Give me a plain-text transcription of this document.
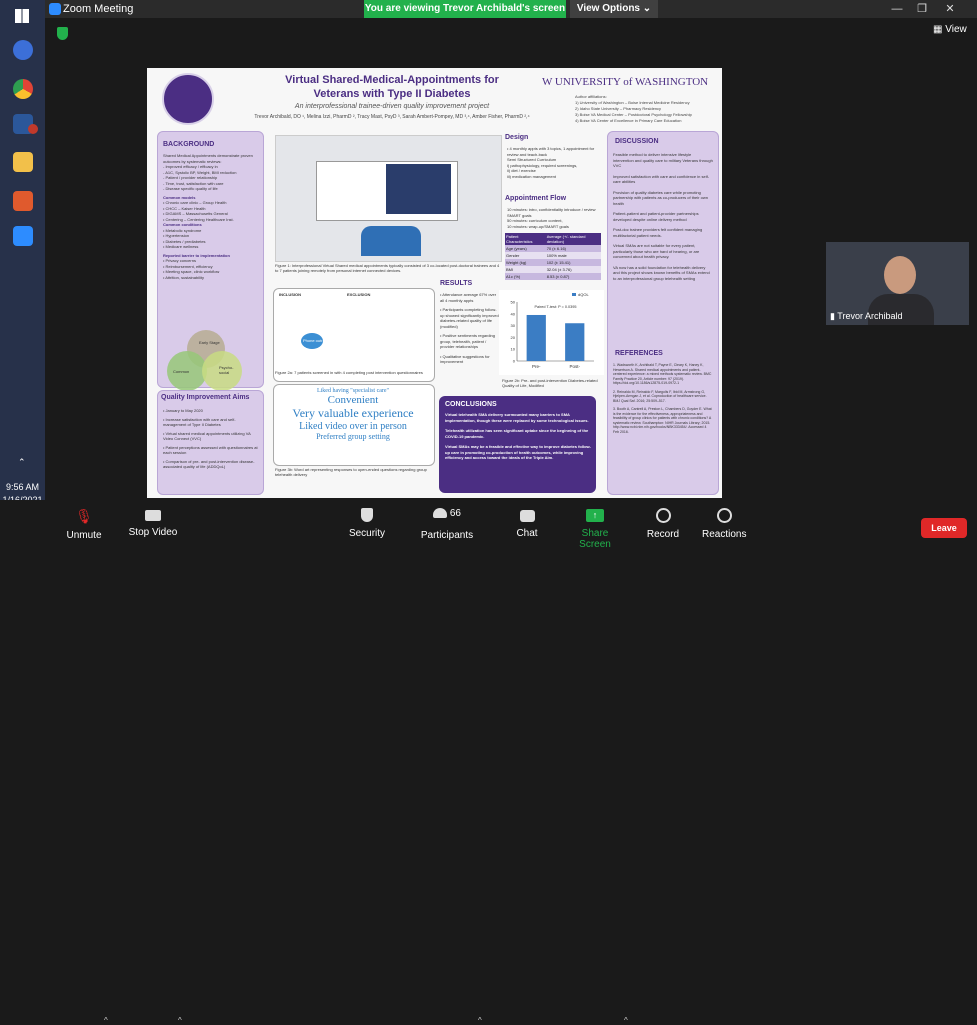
⌃
9:56 AM
Zoom Meeting	— ❐ ✕
You are viewing Trevor Archibald's screen	View Options ⌄
▦ View
Virtual Shared-Medical-Appointments for
Veterans with Type II Diabetes
An interprofessional trainee-driven quality improvement project
Trevor Archibald, DO ¹, Melina Izzi, PharmD ², Tracy Mast, PsyD ³, Sarah Ambert-Pompey, MD ³,⁴, Amber Fisher, PharmD ²,⁴
W UNIVERSITY of WASHINGTON
Author affiliations:
1) University of Washington – Boise Internal Medicine Residency
2) Idaho State University – Pharmacy Residency
3) Boise VA Medical Center – Postdoctoral Psychology Fellowship
4) Boise VA Center of Excellence in Primary Care Education
BACKGROUND
Shared Medical Appointments demonstrate proven outcomes by systematic reviews:
- Improved efficacy / efficacy in
- A1C, Systolic BP, Weight, BMI reduction
- Patient / provider relationship
- Time, trust, satisfaction with care
- Disease specific quality of life
Common models
• Chronic care clinic – Group Health
• CHCC – Kaiser Health
• DIGAMS – Massachusetts General
• Centering – Centering Healthcare Inst.
Common conditions
• Metabolic syndrome
• Hypertension
• Diabetes / prediabetes
• Medicare wellness
Reported barrier to implementation
• Privacy concerns
• Reimbursement, efficiency
• Meeting space, clinic workflow
• Attrition, sustainability
Early Stage
Common
Psycho-social
Quality Improvement Aims
• January to May 2020
• Increase satisfaction with care and self-management of Type II Diabetes
• Virtual shared medical appointments utilizing VA Video Connect (VVC)
• Patient perceptions assessed with questionnaires at each session
• Comparison of pre- and post-intervention disease-associated quality of life (ADDQoL)
Figure 1: Interprofessional Virtual Shared medical appointments typically consisted of 3 co-located post-doctoral trainees and 4 to 7 patients joining remotely from personal internet connected devices.
INCLUSION	EXCLUSION
Phone outr.
Figure 2a: 7 patients screened in with 4 completing post intervention questionnaires
Liked having "specialist care"
Convenient
Very valuable experience
Liked video over in person
Preferred group setting
Figure 3b: Word art representing responses to open-ended questions regarding group telehealth delivery
RESULTS
• Attendance average 67% over all 4 monthly appts
• Participants completing follow-up showed significantly improved diabetes-related quality of life (modified)
• Positive sentiments regarding group, telehealth, patient / provider relationships
• Qualitative suggestions for improvement
Design
• 4 monthly appts with 3 topics, 1 appointment for review and teach-back
Semi Structured Curriculum
i) pathophysiology, required screenings,
ii) diet / exercise
iii) medication management
Appointment Flow
10 minutes: intro, confidentiality introduce / review SMART goals
50 minutes: curriculum content,
10 minutes: wrap-up/SMART goals
Patient Characteristics	Average (+/- standard deviation)
Age (years)	70 (± 6.16)
Gender	100% male
Weight (kg)	102 (± 15.41)
BMI	32.04 (± 3.76)
A1c (%)	8.53 (± 0.87)
50
40
30
20
10
0
Pre-	Post-
Paired T-test: P = 0.0395
dQOL
Figure 2b: Pre- and post-intervention Diabetes-related Quality of Life, Modified
CONCLUSIONS
Virtual telehealth SMA delivery surmounted many barriers to SMA implementation, though these were replaced by some technological issues.
Telehealth utilization has seen significant uptake since the beginning of the COVID-19 pandemic.
Virtual SMAs may be a feasible and effective way to improve diabetes follow-up care in promoting co-production of health outcomes, while improving efficiency and access toward the ideals of the Triple Aim.
DISCUSSION
Feasible method to deliver intensive lifestyle intervention and quality care to military Veterans through VVC
Improved satisfaction with care and confidence in self-care abilities
Provision of quality diabetes care while promoting partnership with patients as co-producers of their own health
Patient-patient and patient-provider partnerships developed despite online delivery method
Post-doc trainee providers felt confident managing multifactorial patient needs.
Virtual SMAs are not suitable for every patient, particularly those who are hard of hearing, or are concerned about health privacy.
VA now has a solid foundation for telehealth delivery and this project shows known benefits of SMAs extend to an interprofessional group telehealth setting
REFERENCES
1. Wadsworth K, Archibald T, Payne E, Cleary K, Haney K, Hewertson A. Shared medical appointments and patient-centered experience: a mixed methods systematic review. BMC Family Practice 20, Article number: 97 (2019). https://doi.org/10.1186/s12875-019-0972-1
2. Reinaldo M, Reinaldo F, Margolis F, Ibid M, Armstrong G, Hjelpen-Armgan J, et al. Coproduction of healthcare service. BMJ Qual Saf. 2016; 25:509–517.
3. Booth A, Cantrell A, Preston L, Chambers D, Goyder E. What is the evidence for the effectiveness, appropriateness and feasibility of group clinics for patients with chronic conditions? A systematic review. Southampton: NIHR Journals Library; 2015. http://www.ncbi.nlm.nih.gov/books/NBK333454/. Accessed 4 Feb 2016.
▮ Trevor Archibald
🎙
Unmute
^
Stop Video
^
Security
66
Participants
^
Chat
↑
Share Screen
^
Record Reactions
Leave
